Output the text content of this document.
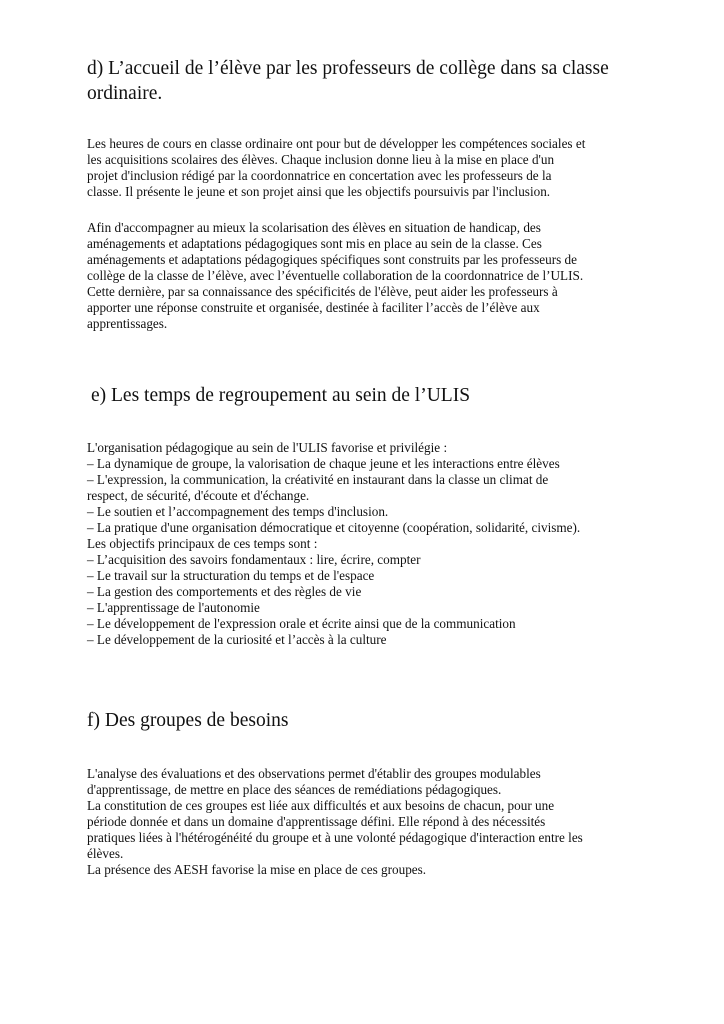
d) L’accueil de l’élève par les professeurs de collège dans sa classe
ordinaire.
Les heures de cours en classe ordinaire ont pour but de développer les compétences sociales et
les acquisitions scolaires des élèves. Chaque inclusion donne lieu à la mise en place d'un
projet d'inclusion rédigé par la coordonnatrice en concertation avec les professeurs de la
classe. Il présente le jeune et son projet ainsi que les objectifs poursuivis par l'inclusion.
Afin d'accompagner au mieux la scolarisation des élèves en situation de handicap, des
aménagements et adaptations pédagogiques sont mis en place au sein de la classe. Ces
aménagements et adaptations pédagogiques spécifiques sont construits par les professeurs de
collège de la classe de l’élève, avec l’éventuelle collaboration de la coordonnatrice de l’ULIS.
Cette dernière, par sa connaissance des spécificités de l'élève, peut aider les professeurs à
apporter une réponse construite et organisée, destinée à faciliter l’accès de l’élève aux
apprentissages.
e) Les temps de regroupement au sein de l’ULIS
L'organisation pédagogique au sein de l'ULIS favorise et privilégie :
– La dynamique de groupe, la valorisation de chaque jeune et les interactions entre élèves
– L'expression, la communication, la créativité en instaurant dans la classe un climat de
respect, de sécurité, d'écoute et d'échange.
– Le soutien et l’accompagnement des temps d'inclusion.
– La pratique d'une organisation démocratique et citoyenne (coopération, solidarité, civisme).
Les objectifs principaux de ces temps sont :
– L’acquisition des savoirs fondamentaux : lire, écrire, compter
– Le travail sur la structuration du temps et de l'espace
– La gestion des comportements et des règles de vie
– L'apprentissage de l'autonomie
– Le développement de l'expression orale et écrite ainsi que de la communication
– Le développement de la curiosité et l’accès à la culture
f) Des groupes de besoins
L'analyse des évaluations et des observations permet d'établir des groupes modulables
d'apprentissage, de mettre en place des séances de remédiations pédagogiques.
La constitution de ces groupes est liée aux difficultés et aux besoins de chacun, pour une
période donnée et dans un domaine d'apprentissage défini. Elle répond à des nécessités
pratiques liées à l'hétérogénéité du groupe et à une volonté pédagogique d'interaction entre les
élèves.
La présence des AESH favorise la mise en place de ces groupes.
